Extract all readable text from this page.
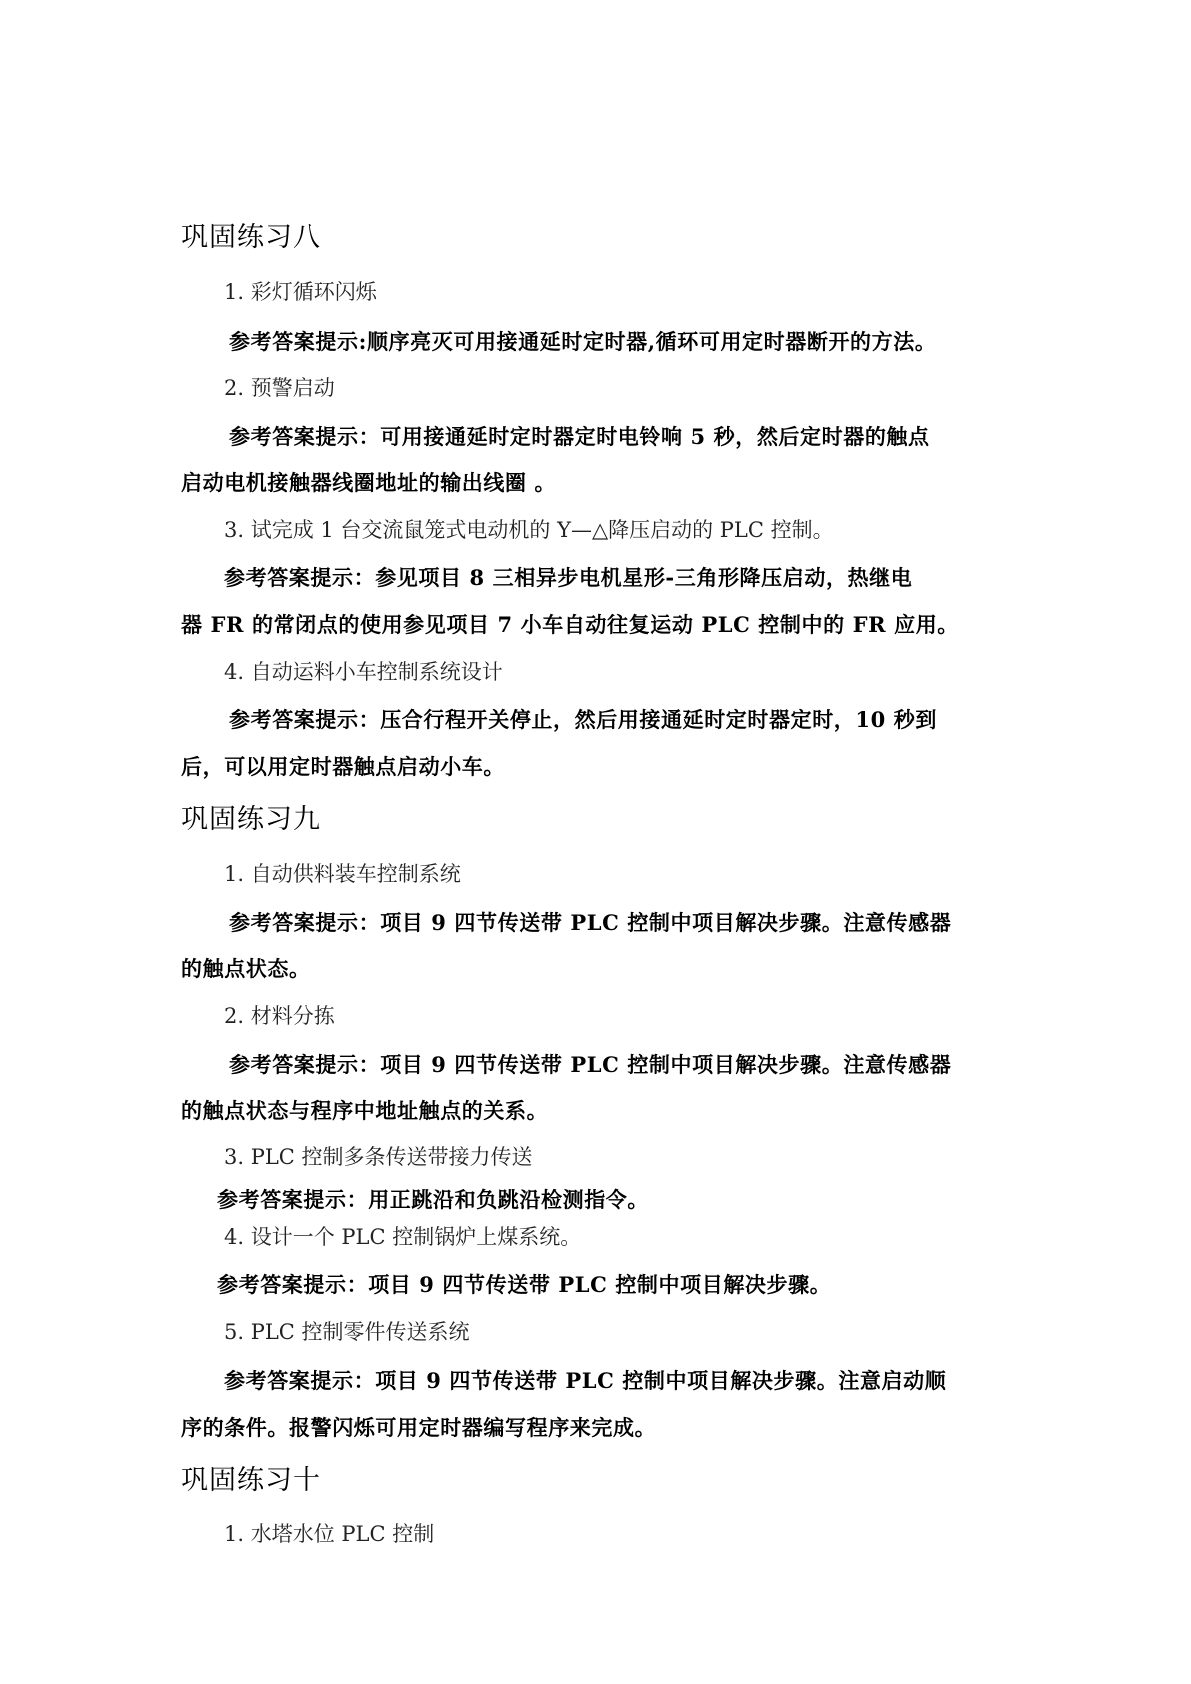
巩固练习八
1. 彩灯循环闪烁
参考答案提示:顺序亮灭可用接通延时定时器,循环可用定时器断开的方法。
2. 预警启动
参考答案提示：可用接通延时定时器定时电铃响 5 秒，然后定时器的触点
启动电机接触器线圈地址的输出线圈 。
3. 试完成 1 台交流鼠笼式电动机的 Y—△降压启动的 PLC 控制。
参考答案提示：参见项目 8 三相异步电机星形-三角形降压启动，热继电
器 FR 的常闭点的使用参见项目 7 小车自动往复运动 PLC 控制中的 FR 应用。
4. 自动运料小车控制系统设计
参考答案提示：压合行程开关停止，然后用接通延时定时器定时，10 秒到
后，可以用定时器触点启动小车。
巩固练习九
1. 自动供料装车控制系统
参考答案提示：项目 9 四节传送带 PLC 控制中项目解决步骤。注意传感器
的触点状态。
2. 材料分拣
参考答案提示：项目 9 四节传送带 PLC 控制中项目解决步骤。注意传感器
的触点状态与程序中地址触点的关系。
3. PLC 控制多条传送带接力传送
参考答案提示：用正跳沿和负跳沿检测指令。
4. 设计一个 PLC 控制锅炉上煤系统。
参考答案提示：项目 9 四节传送带 PLC 控制中项目解决步骤。
5. PLC 控制零件传送系统
参考答案提示：项目 9 四节传送带 PLC 控制中项目解决步骤。注意启动顺
序的条件。报警闪烁可用定时器编写程序来完成。
巩固练习十
1. 水塔水位 PLC 控制
